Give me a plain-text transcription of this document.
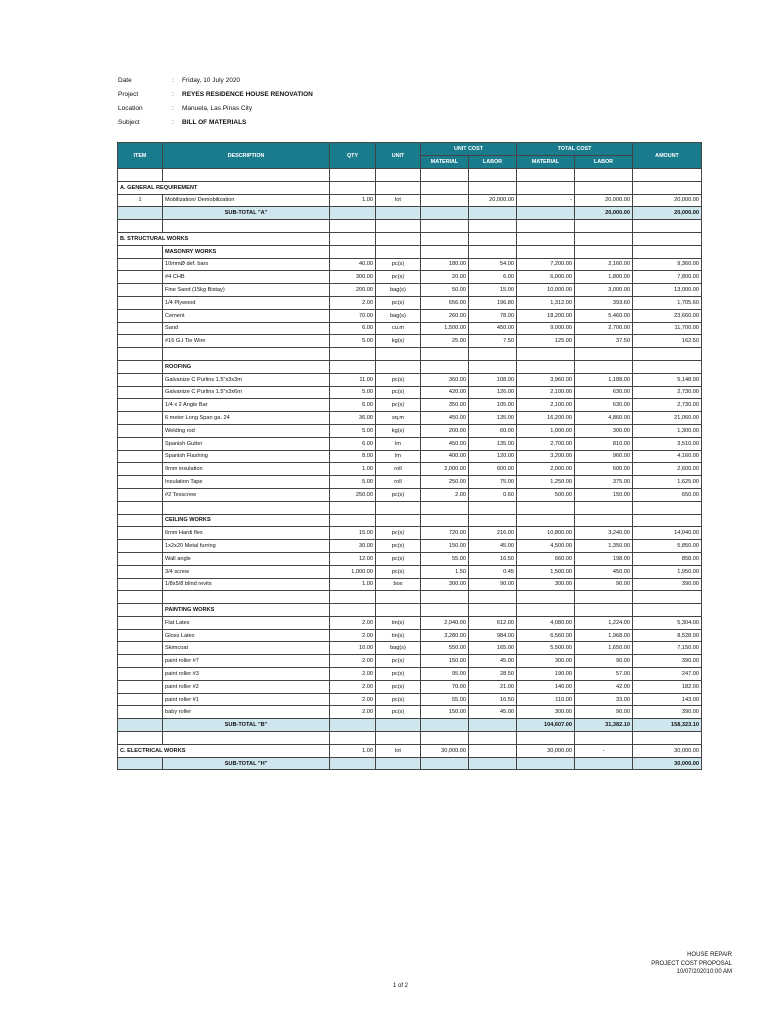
Date	:	Friday, 10 July 2020
Project	:	REYES RESIDENCE HOUSE RENOVATION
Location	:	Manuela, Las Pinas City
Subject	:	BILL OF MATERIALS
ITEM	DESCRIPTION	QTY	UNIT	UNIT COST		TOTAL COST		AMOUNT
				MATERIAL	LABOR	MATERIAL	LABOR	

A. GENERAL REQUIREMENT								
1	Mobilization/ Demobilization	1.00	lot		20,000.00	-	20,000.00	20,000.00
	SUB-TOTAL "A"						20,000.00	20,000.00

B. STRUCTURAL WORKS								
	MASONRY WORKS							
	10mmØ def. bars	40.00	pc(s)	180.00	54.00	7,200.00	2,160.00	9,360.00
	#4 CHB	300.00	pc(s)	20.00	6.00	6,000.00	1,800.00	7,800.00
	Fine Sand (15kg Bistay)	200.00	bag(s)	50.00	15.00	10,000.00	3,000.00	13,000.00
	1/4 Plywood	2.00	pc(s)	656.00	196.80	1,312.00	393.60	1,705.60
	Cement	70.00	bag(s)	260.00	78.00	18,200.00	5,460.00	23,660.00
	Sand	6.00	cu.m	1,500.00	450.00	9,000.00	2,700.00	11,700.00
	#16 G.I Tie Wire	5.00	kg(s)	25.00	7.50	125.00	37.50	162.50

	ROOFING							
	Galvanize C Purlins 1.5"x3x3m	11.00	pc(s)	360.00	108.00	3,960.00	1,188.00	5,148.00
	Galvanize C Purlins 1.5"x3x6m	5.00	pc(s)	420.00	126.00	2,100.00	630.00	2,730.00
	1/4 x 2 Angle Bar	6.00	pc(s)	350.00	105.00	2,100.00	630.00	2,730.00
	6 meter Long Span ga. 24	36.00	sq.m	450.00	135.00	16,200.00	4,860.00	21,060.00
	Welding rod	5.00	kg(s)	200.00	60.00	1,000.00	300.00	1,300.00
	Spanish Gutter	6.00	lm	450.00	135.00	2,700.00	810.00	3,510.00
	Spanish Flashing	8.00	lm	400.00	120.00	3,200.00	960.00	4,160.00
	9mm insulation	1.00	roll	2,000.00	600.00	2,000.00	600.00	2,600.00
	Insulation Tape	5.00	roll	250.00	75.00	1,250.00	375.00	1,625.00
	#2 Texscrew	250.00	pc(s)	2.00	0.60	500.00	150.00	650.00

	CEILING WORKS							
	6mm Hardi flex	15.00	pc(s)	720.00	216.00	10,800.00	3,240.00	14,040.00
	1x2x20 Metal furring	30.00	pc(s)	150.00	45.00	4,500.00	1,350.00	5,850.00
	Wall angle	12.00	pc(s)	55.00	16.50	660.00	198.00	858.00
	3/4 screw	1,000.00	pc(s)	1.50	0.45	1,500.00	450.00	1,950.00
	1/8x5/8 blind revits	1.00	box	300.00	90.00	300.00	90.00	390.00

	PAINTING WORKS							
	Flat Latex	2.00	tin(s)	2,040.00	612.00	4,080.00	1,224.00	5,304.00
	Gloss Latex	2.00	tin(s)	3,280.00	984.00	6,560.00	1,968.00	8,528.00
	Skimcoat	10.00	bag(s)	550.00	165.00	5,500.00	1,650.00	7,150.00
	paint roller #7	2.00	pc(s)	150.00	45.00	300.00	90.00	390.00
	paint roller #3	2.00	pc(s)	95.00	28.50	190.00	57.00	247.00
	paint roller #2	2.00	pc(s)	70.00	21.00	140.00	42.00	182.00
	paint roller #1	2.00	pc(s)	55.00	16.50	110.00	33.00	143.00
	baby roller	2.00	pc(s)	150.00	45.00	300.00	90.00	390.00
	SUB-TOTAL "B"					104,607.00	31,382.10	158,323.10

C. ELECTRICAL WORKS		1.00	lot	30,000.00		30,000.00	-	30,000.00
	SUB-TOTAL "H"							30,000.00
HOUSE REPAIR
PROJECT COST PROPOSAL
10/07/202010:00 AM
1 of 2
